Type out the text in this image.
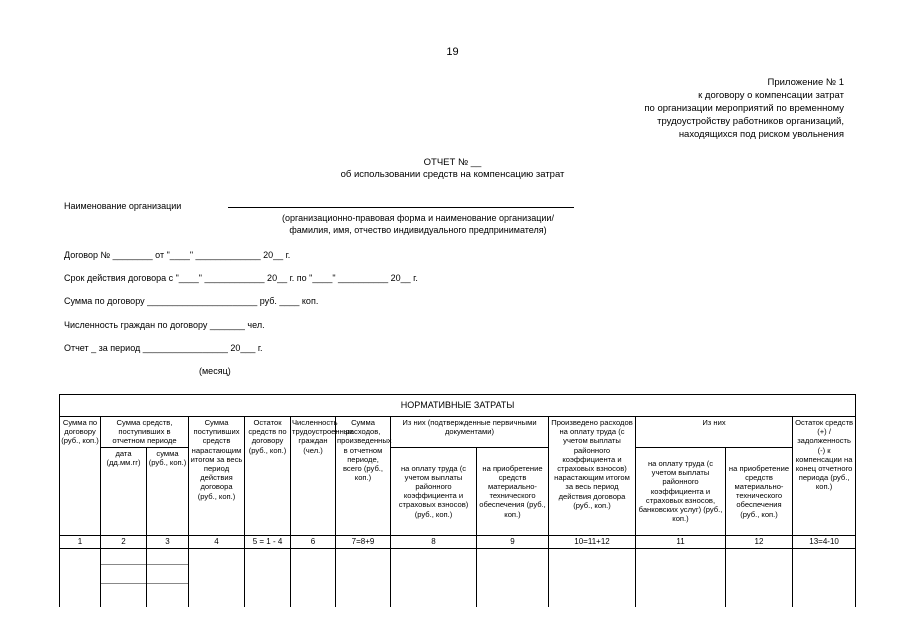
19
Приложение № 1
к договору о компенсации затрат
по организации мероприятий по временному
трудоустройству работников организаций,
находящихся под риском увольнения
ОТЧЕТ № __
об использовании средств на компенсацию затрат
Наименование организации
(организационно-правовая форма и наименование организации/
фамилия, имя, отчество индивидуального предпринимателя)
Договор № ________ от "____" _____________ 20__ г.
Срок действия договора с "____" ____________ 20__ г. по "____" __________ 20__ г.
Сумма по договору ______________________ руб. ____ коп.
Численность граждан по договору _______ чел.
Отчет _ за период _________________ 20___ г.
(месяц)
НОРМАТИВНЫЕ ЗАТРАТЫ												
Сумма по договору (руб., коп.)	Сумма средств, поступивших в отчетном периоде		Сумма поступивших средств нарастающим итогом за весь период действия договора (руб., коп.)	Остаток средств по договору (руб., коп.)	Численность трудоустроенных граждан (чел.)	Сумма расходов, произведенных в отчетном периоде, всего (руб., коп.)	Из них (подтвержденные первичными документами)		Произведено расходов на оплату труда (с учетом выплаты районного коэффициента и страховых взносов) нарастающим итогом за весь период действия договора (руб., коп.)	Из них		Остаток средств (+) / задолженность (-) к компенсации на конец отчетного периода (руб., коп.)
	дата (дд.мм.гг)	сумма (руб., коп.)					на оплату труда (с учетом выплаты районного коэффициента и страховых взносов) (руб., коп.)	на приобретение средств материально-технического обеспечения (руб., коп.)		на оплату труда (с учетом выплаты районного коэффициента и страховых взносов, банковских услуг) (руб., коп.)	на приобретение средств материально-технического обеспечения (руб., коп.)	
1	2	3	4	5 = 1 - 4	6	7=8+9	8	9	10=11+12	11	12	13=4-10
